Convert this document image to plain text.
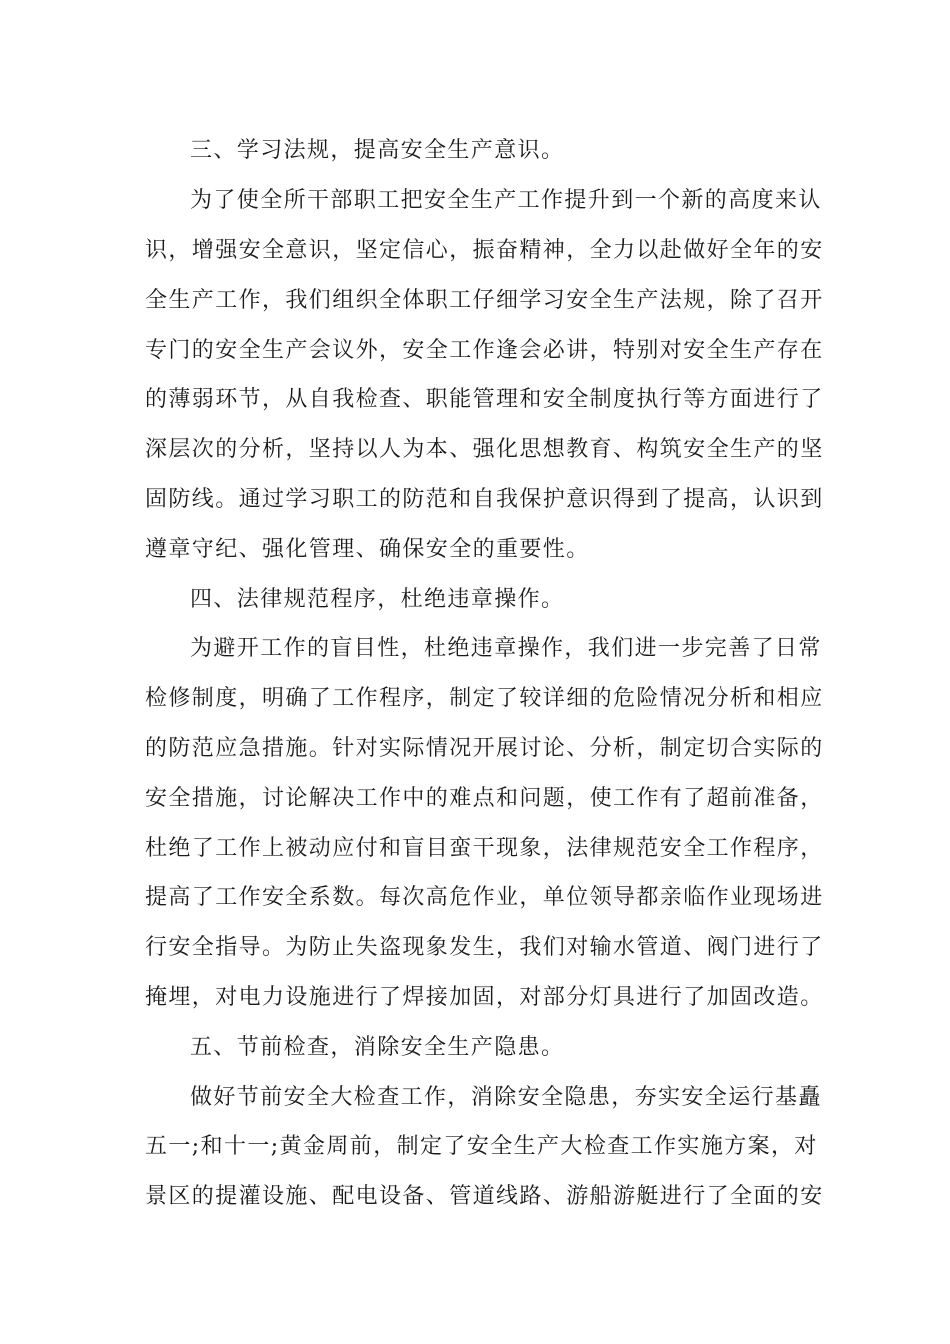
三、学习法规，提高安全生产意识。
为了使全所干部职工把安全生产工作提升到一个新的高度来认
识，增强安全意识，坚定信心，振奋精神，全力以赴做好全年的安
全生产工作，我们组织全体职工仔细学习安全生产法规，除了召开
专门的安全生产会议外，安全工作逢会必讲，特别对安全生产存在
的薄弱环节，从自我检查、职能管理和安全制度执行等方面进行了
深层次的分析，坚持以人为本、强化思想教育、构筑安全生产的坚
固防线。通过学习职工的防范和自我保护意识得到了提高，认识到
遵章守纪、强化管理、确保安全的重要性。
四、法律规范程序，杜绝违章操作。
为避开工作的盲目性，杜绝违章操作，我们进一步完善了日常
检修制度，明确了工作程序，制定了较详细的危险情况分析和相应
的防范应急措施。针对实际情况开展讨论、分析，制定切合实际的
安全措施，讨论解决工作中的难点和问题，使工作有了超前准备，
杜绝了工作上被动应付和盲目蛮干现象，法律规范安全工作程序，
提高了工作安全系数。每次高危作业，单位领导都亲临作业现场进
行安全指导。为防止失盗现象发生，我们对输水管道、阀门进行了
掩埋，对电力设施进行了焊接加固，对部分灯具进行了加固改造。
五、节前检查，消除安全生产隐患。
做好节前安全大检查工作，消除安全隐患，夯实安全运行基矗
五一;和十一;黄金周前，制定了安全生产大检查工作实施方案，对
景区的提灌设施、配电设备、管道线路、游船游艇进行了全面的安
